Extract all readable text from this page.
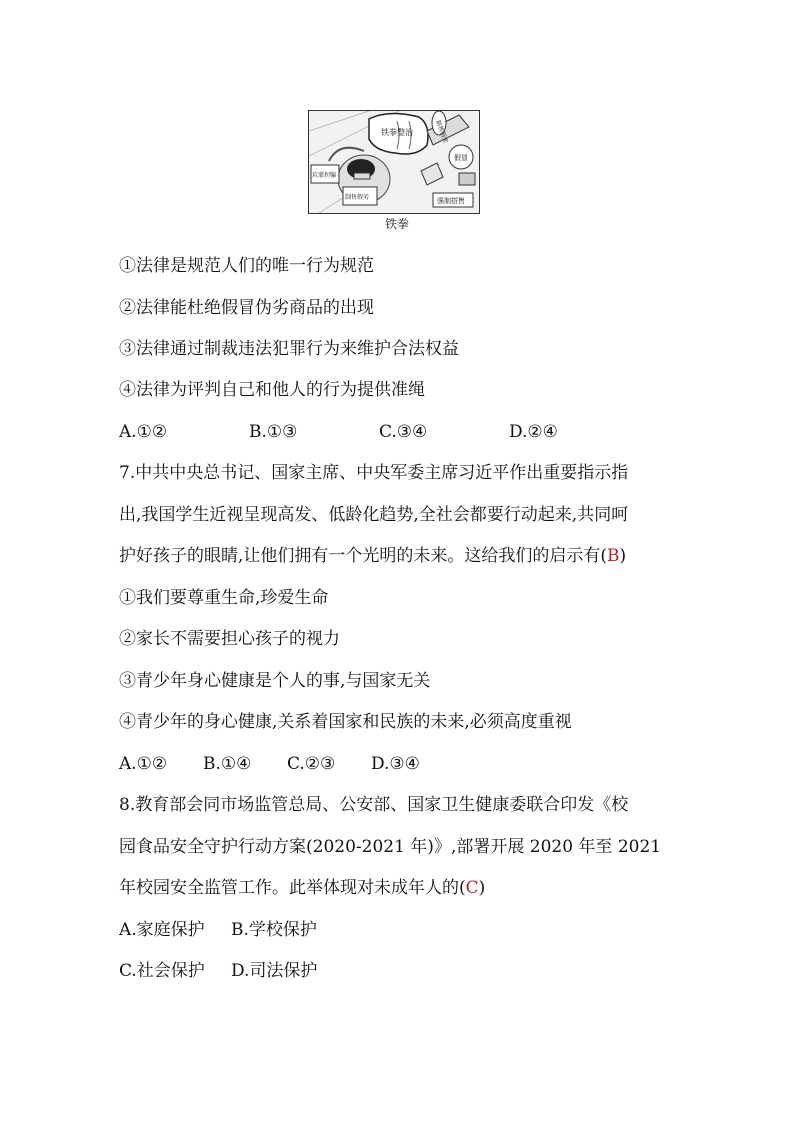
铁拳整治	制售假劣
假冒
坑蒙拐骗
制售假劣	强制搭售
铁拳
①法律是规范人们的唯一行为规范
②法律能杜绝假冒伪劣商品的出现
③法律通过制裁违法犯罪行为来维护合法权益
④法律为评判自己和他人的行为提供准绳
A.①②	B.①③	C.③④	D.②④
7.中共中央总书记、国家主席、中央军委主席习近平作出重要指示指
出,我国学生近视呈现高发、低龄化趋势,全社会都要行动起来,共同呵
护好孩子的眼睛,让他们拥有一个光明的未来。这给我们的启示有(B)
①我们要尊重生命,珍爱生命
②家长不需要担心孩子的视力
③青少年身心健康是个人的事,与国家无关
④青少年的身心健康,关系着国家和民族的未来,必须高度重视
A.①② B.①④ C.②③ D.③④
8.教育部会同市场监管总局、公安部、国家卫生健康委联合印发《校
园食品安全守护行动方案(2020-2021 年)》,部署开展 2020 年至 2021
年校园安全监管工作。此举体现对未成年人的(C)
A.家庭保护 B.学校保护
C.社会保护 D.司法保护
